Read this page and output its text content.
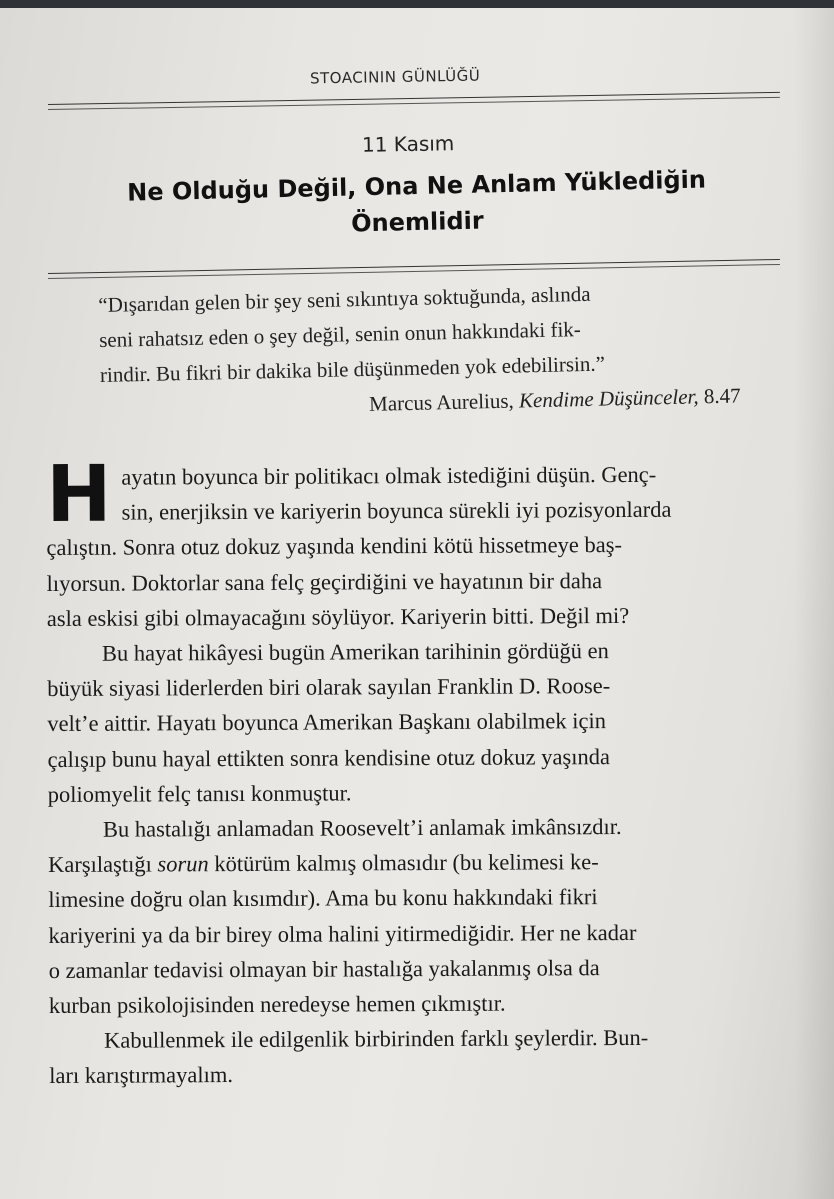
STOACININ GÜNLÜĞÜ
11 Kasım
Ne Olduğu Değil, Ona Ne Anlam Yüklediğin
Önemlidir
“Dışarıdan gelen bir şey seni sıkıntıya soktuğunda, aslında
seni rahatsız eden o şey değil, senin onun hakkındaki fik-
rindir. Bu fikri bir dakika bile düşünmeden yok edebilirsin.”
Marcus Aurelius, Kendime Düşünceler, 8.47
H ayatın boyunca bir politikacı olmak istediğini düşün. Genç-
sin, enerjiksin ve kariyerin boyunca sürekli iyi pozisyonlarda
çalıştın. Sonra otuz dokuz yaşında kendini kötü hissetmeye baş-
lıyorsun. Doktorlar sana felç geçirdiğini ve hayatının bir daha
asla eskisi gibi olmayacağını söylüyor. Kariyerin bitti. Değil mi?
Bu hayat hikâyesi bugün Amerikan tarihinin gördüğü en
büyük siyasi liderlerden biri olarak sayılan Franklin D. Roose-
velt’e aittir. Hayatı boyunca Amerikan Başkanı olabilmek için
çalışıp bunu hayal ettikten sonra kendisine otuz dokuz yaşında
poliomyelit felç tanısı konmuştur.
Bu hastalığı anlamadan Roosevelt’i anlamak imkânsızdır.
Karşılaştığı sorun kötürüm kalmış olmasıdır (bu kelimesi ke-
limesine doğru olan kısımdır). Ama bu konu hakkındaki fikri
kariyerini ya da bir birey olma halini yitirmediğidir. Her ne kadar
o zamanlar tedavisi olmayan bir hastalığa yakalanmış olsa da
kurban psikolojisinden neredeyse hemen çıkmıştır.
Kabullenmek ile edilgenlik birbirinden farklı şeylerdir. Bun-
ları karıştırmayalım.
